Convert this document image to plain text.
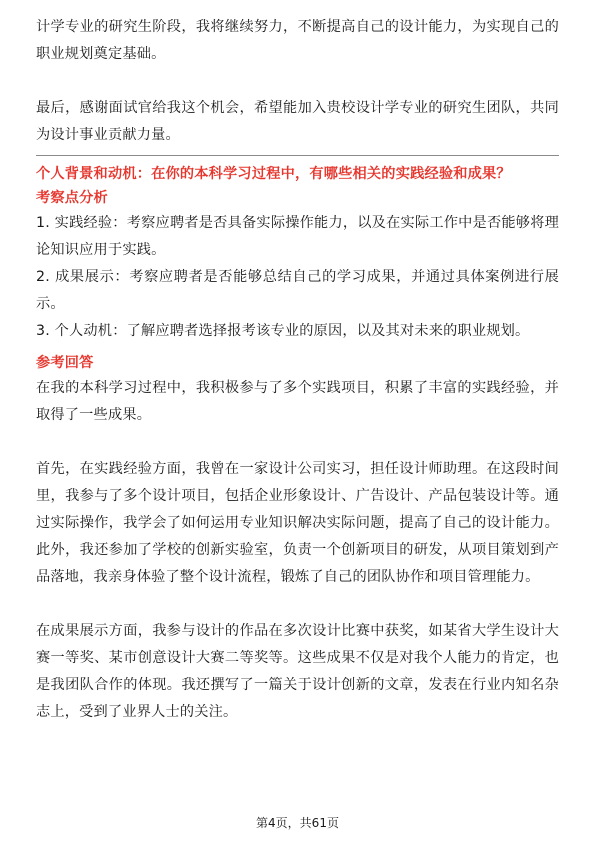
计学专业的研究生阶段，我将继续努力，不断提高自己的设计能力，为实现自己的职业规划奠定基础。

最后，感谢面试官给我这个机会，希望能加入贵校设计学专业的研究生团队，共同为设计事业贡献力量。

个人背景和动机：在你的本科学习过程中，有哪些相关的实践经验和成果？

考察点分析

1. 实践经验：考察应聘者是否具备实际操作能力，以及在实际工作中是否能够将理论知识应用于实践。

2. 成果展示：考察应聘者是否能够总结自己的学习成果，并通过具体案例进行展示。

3. 个人动机：了解应聘者选择报考该专业的原因，以及其对未来的职业规划。

参考回答

在我的本科学习过程中，我积极参与了多个实践项目，积累了丰富的实践经验，并取得了一些成果。

首先，在实践经验方面，我曾在一家设计公司实习，担任设计师助理。在这段时间里，我参与了多个设计项目，包括企业形象设计、广告设计、产品包装设计等。通过实际操作，我学会了如何运用专业知识解决实际问题，提高了自己的设计能力。此外，我还参加了学校的创新实验室，负责一个创新项目的研发，从项目策划到产品落地，我亲身体验了整个设计流程，锻炼了自己的团队协作和项目管理能力。

在成果展示方面，我参与设计的作品在多次设计比赛中获奖，如某省大学生设计大赛一等奖、某市创意设计大赛二等奖等。这些成果不仅是对我个人能力的肯定，也是我团队合作的体现。我还撰写了一篇关于设计创新的文章，发表在行业内知名杂志上，受到了业界人士的关注。

第4页，共61页
